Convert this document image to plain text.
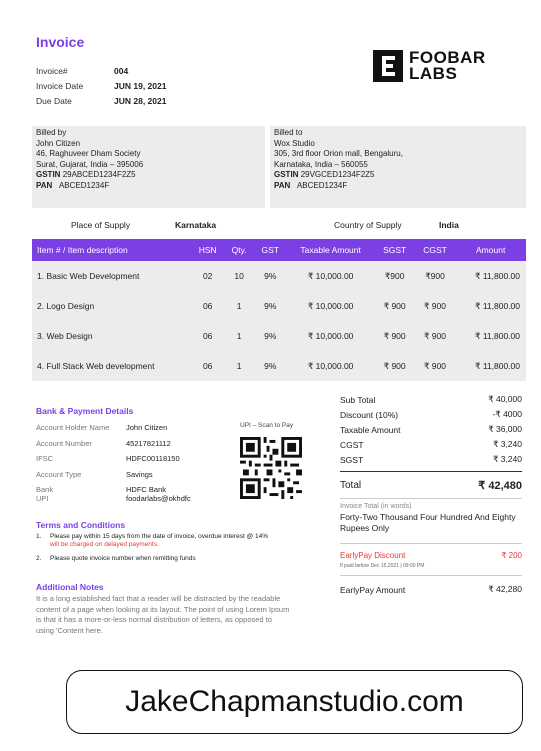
Invoice
Invoice#	004
Invoice Date	JUN 19, 2021
Due Date	JUN 28, 2021
FOOBAR
LABS
Billed by
John Citizen
46, Raghuveer Dham Society
Surat, Gujarat, India – 395006
GSTIN 29ABCED1234F2Z5
PAN ABCED1234F
Billed to
Wox Studio
305, 3rd floor Orion mall, Bengaluru,
Karnataka, India – 560055
GSTIN 29VGCED1234F2Z5
PAN ABCED1234F
Place of Supply	Karnataka	Country of Supply	India
Item # / Item description	HSN	Qty.	GST	Taxable Amount	SGST	CGST	Amount
1. Basic Web Development	02	10	9%	₹ 10,000.00	₹900	₹900	₹ 11,800.00
2. Logo Design	06	1	9%	₹ 10,000.00	₹ 900	₹ 900	₹ 11,800.00
3. Web Design	06	1	9%	₹ 10,000.00	₹ 900	₹ 900	₹ 11,800.00
4. Full Stack Web development	06	1	9%	₹ 10,000.00	₹ 900	₹ 900	₹ 11,800.00
Bank & Payment Details
Account Holder Name	John Citizen
Account Number	45217821112
IFSC	HDFC00118150
Account Type	Savings
Bank	HDFC Bank
UPI	foodarlabs@okhdfc
UPI – Scan to Pay
Terms and Conditions
1.	Please pay within 15 days from the date of invoice, overdue interest @ 14%
will be charged on delayed payments.
2.	Please quote invoice number when remitting funds
Additional Notes
It is a long established fact that a reader will be distracted by the readable content of a page when looking at its layout. The point of using Lorem Ipsum is that it has a more-or-less normal distribution of letters, as opposed to using 'Content here.
Sub Total	₹ 40,000
Discount (10%)	-₹ 4000
Taxable Amount	₹ 36,000
CGST	₹ 3,240
SGST	₹ 3,240
Total	₹ 42,480
Invoice Total (in words)
Forty-Two Thousand Four Hundred And Eighty Rupees Only
EarlyPay Discount	₹ 200
If paid before Dec 15,2021 | 09:00 PM
EarlyPay Amount	₹ 42,280
JakeChapmanstudio.com
